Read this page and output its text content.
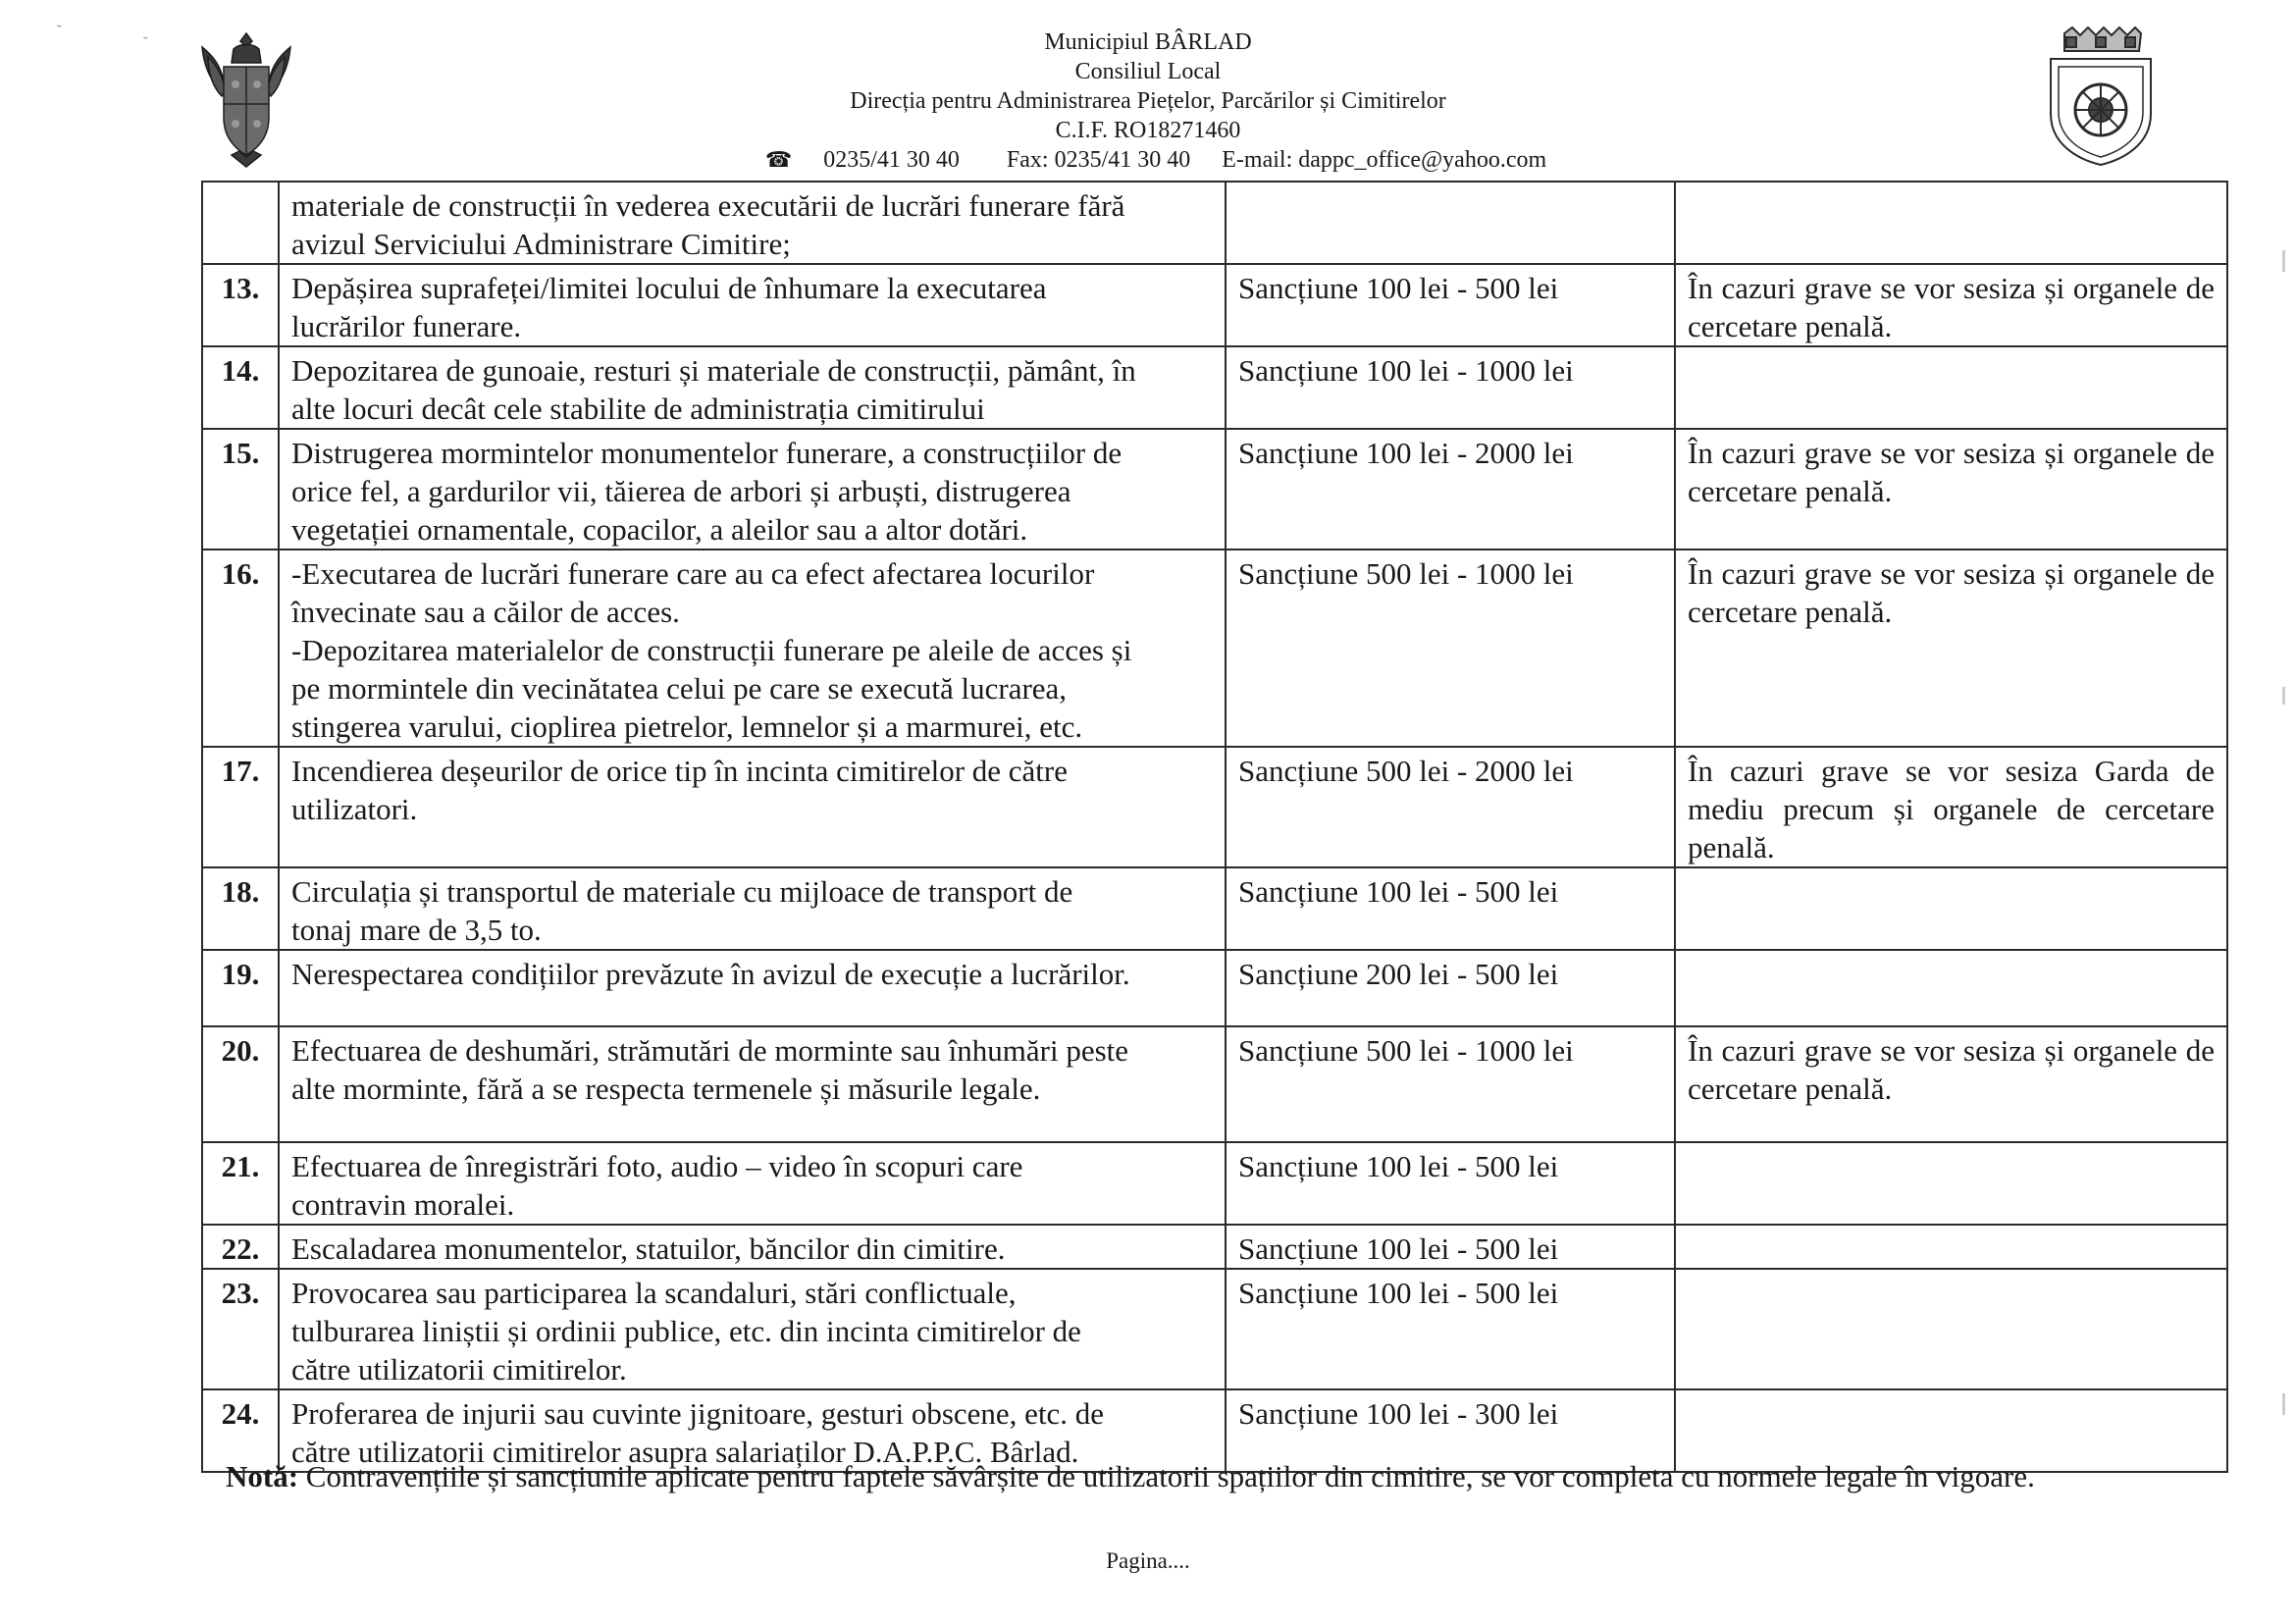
˜
˘	Municipiul BÂRLAD
Consiliul Local
Direcția pentru Administrarea Piețelor, Parcărilor și Cimitirelor
C.I.F. RO18271460
☎ 0235/41 30 40 Fax: 0235/41 30 40 E-mail: dappc_office@yahoo.com

	materiale de construcții în vederea executării de lucrări funerare fără
avizul Serviciului Administrare Cimitire;		

13.	Depășirea suprafeței/limitei locului de înhumare la executarea
lucrărilor funerare.	Sancțiune 100 lei - 500 lei	În cazuri grave se vor sesiza și organele de cercetare penală.
14.	Depozitarea de gunoaie, resturi și materiale de construcții, pământ, în
alte locuri decât cele stabilite de administrația cimitirului	Sancțiune 100 lei - 1000 lei	
15.	Distrugerea mormintelor monumentelor funerare, a construcțiilor de
orice fel, a gardurilor vii, tăierea de arbori și arbuști, distrugerea
vegetației ornamentale, copacilor, a aleilor sau a altor dotări.	Sancțiune 100 lei - 2000 lei	În cazuri grave se vor sesiza și organele de cercetare penală.
16.	-Executarea de lucrări funerare care au ca efect afectarea locurilor
învecinate sau a căilor de acces.
-Depozitarea materialelor de construcții funerare pe aleile de acces și
pe mormintele din vecinătatea celui pe care se execută lucrarea,
stingerea varului, cioplirea pietrelor, lemnelor și a marmurei, etc.	Sancțiune 500 lei - 1000 lei	În cazuri grave se vor sesiza și organele de cercetare penală.
17.	Incendierea deșeurilor de orice tip în incinta cimitirelor de către
utilizatori.	Sancțiune 500 lei - 2000 lei	În cazuri grave se vor sesiza Garda de mediu precum și organele de cercetare penală.
18.	Circulația și transportul de materiale cu mijloace de transport de
tonaj mare de 3,5 to.	Sancțiune 100 lei - 500 lei	
19.	Nerespectarea condițiilor prevăzute în avizul de execuție a lucrărilor.	Sancțiune 200 lei - 500 lei	
20.	Efectuarea de deshumări, strămutări de morminte sau înhumări peste
alte morminte, fără a se respecta termenele și măsurile legale.	Sancțiune 500 lei - 1000 lei	În cazuri grave se vor sesiza și organele de cercetare penală.
21.	Efectuarea de înregistrări foto, audio – video în scopuri care
contravin moralei.	Sancțiune 100 lei - 500 lei	
22.	Escaladarea monumentelor, statuilor, băncilor din cimitire.	Sancțiune 100 lei - 500 lei	
23.	Provocarea sau participarea la scandaluri, stări conflictuale,
tulburarea liniștii și ordinii publice, etc. din incinta cimitirelor de
către utilizatorii cimitirelor.	Sancțiune 100 lei - 500 lei	
24.	Proferarea de injurii sau cuvinte jignitoare, gesturi obscene, etc. de
către utilizatorii cimitirelor asupra salariaților D.A.P.P.C. Bârlad.	Sancțiune 100 lei - 300 lei	
Notă: Contravențiile și sancțiunile aplicate pentru faptele săvârșite de utilizatorii spațiilor din cimitire, se vor completa cu normele legale în vigoare.
Pagina....
